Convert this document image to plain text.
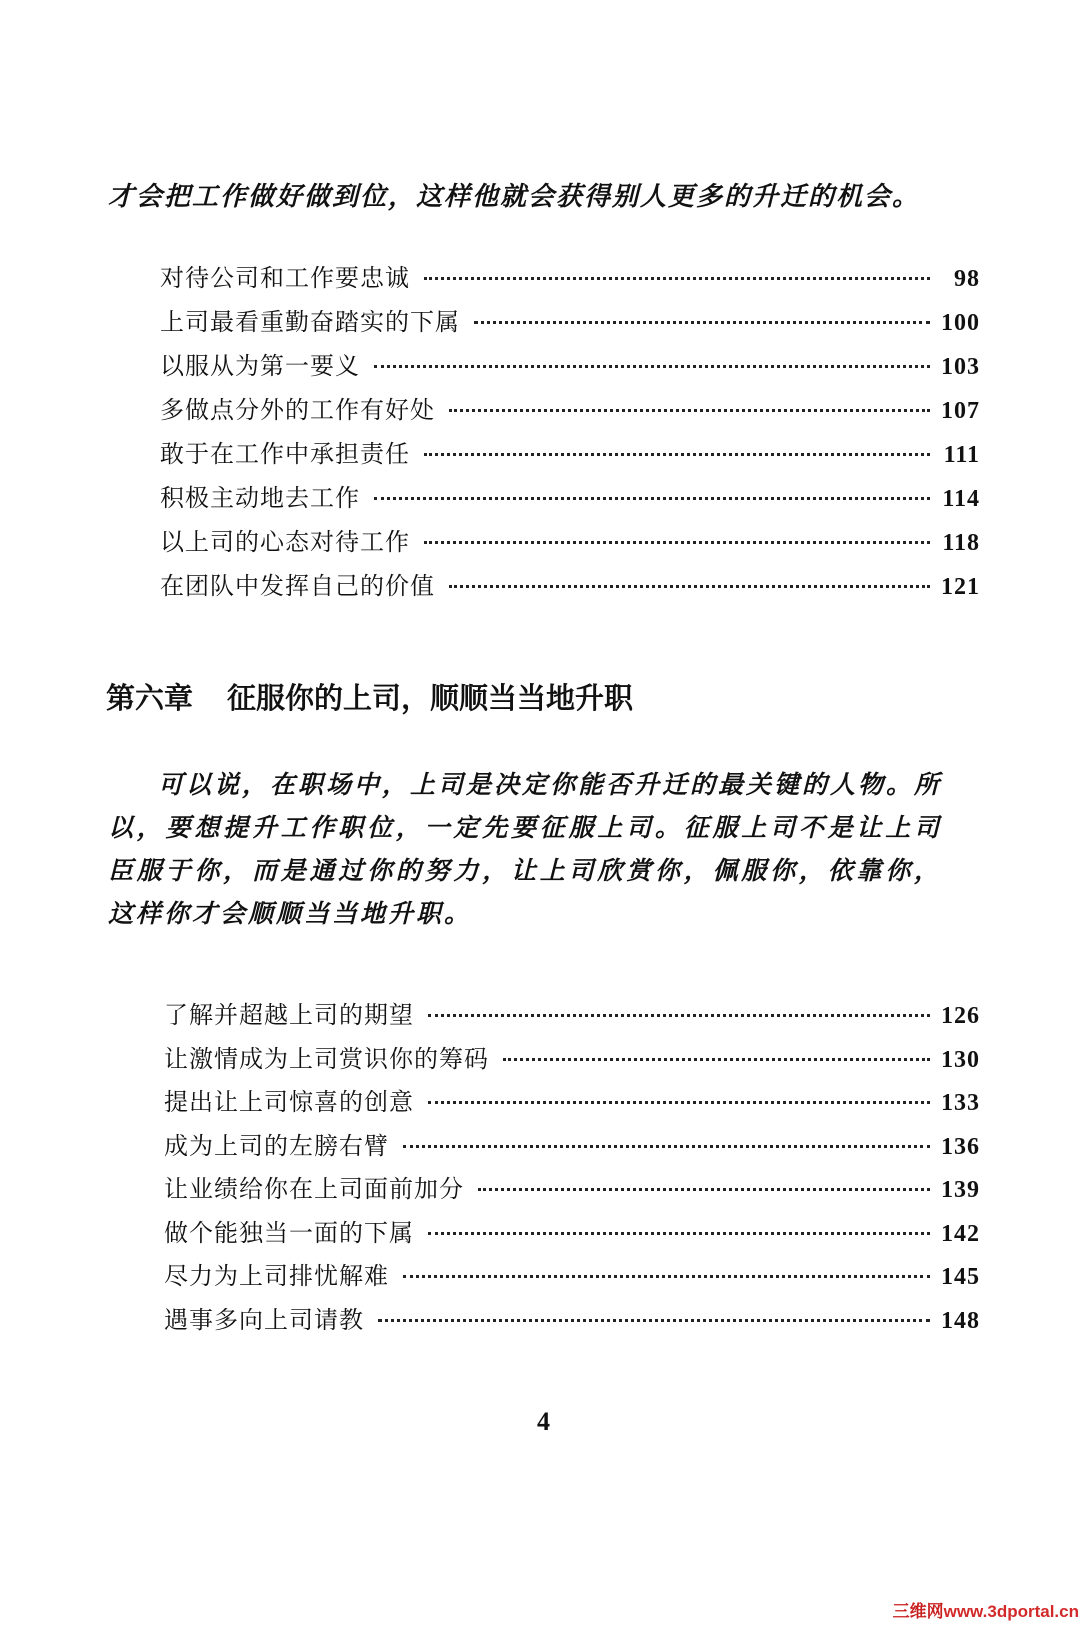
才会把工作做好做到位，这样他就会获得别人更多的升迁的机会。
对待公司和工作要忠诚	98
上司最看重勤奋踏实的下属	100
以服从为第一要义	103
多做点分外的工作有好处	107
敢于在工作中承担责任	111
积极主动地去工作	114
以上司的心态对待工作	118
在团队中发挥自己的价值	121
第六章 征服你的上司，顺顺当当地升职

可以说，在职场中，上司是决定你能否升迁的最关键的人物。所以，要想提升工作职位，一定先要征服上司。征服上司不是让上司臣服于你，而是通过你的努力，让上司欣赏你，佩服你，依靠你，这样你才会顺顺当当地升职。

了解并超越上司的期望	126
让激情成为上司赏识你的筹码	130
提出让上司惊喜的创意	133
成为上司的左膀右臂	136
让业绩给你在上司面前加分	139
做个能独当一面的下属	142
尽力为上司排忧解难	145
遇事多向上司请教	148
4
三维网www.3dportal.cn
